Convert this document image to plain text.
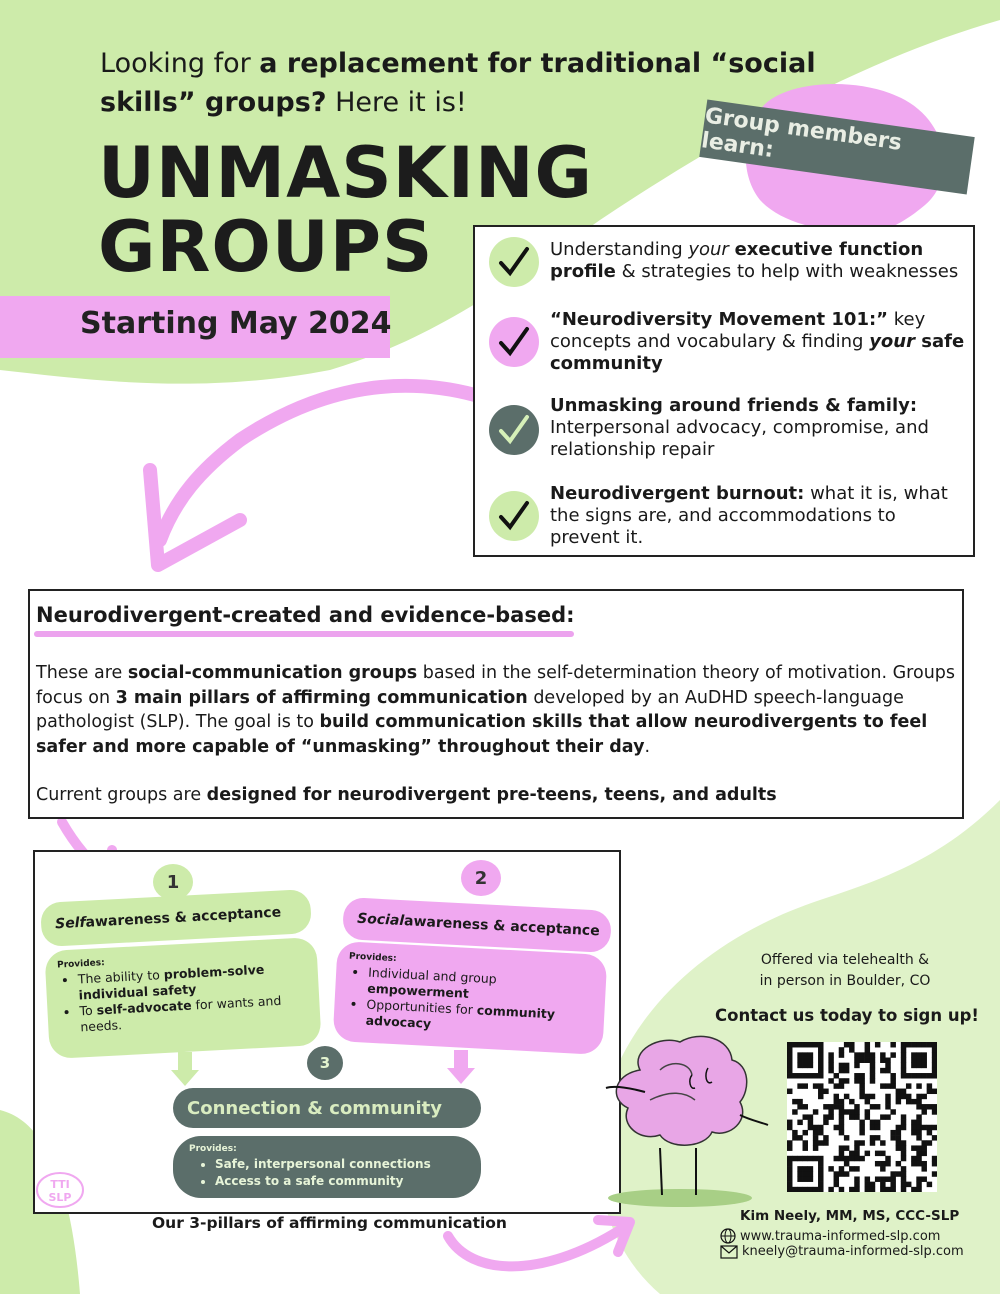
Looking for a replacement for traditional “social skills” groups? Here it is!
UNMASKING
GROUPS
Starting May 2024
Group members learn:
Understanding your executive function profile & strategies to help with weaknesses
“Neurodiversity Movement 101:” key concepts and vocabulary & finding your safe community
Unmasking around friends & family: Interpersonal advocacy, compromise, and relationship repair
Neurodivergent burnout: what it is, what the signs are, and accommodations to prevent it.
Neurodivergent-created and evidence-based:
These are social-communication groups based in the self-determination theory of motivation. Groups focus on 3 main pillars of affirming communication developed by an AuDHD speech-language pathologist (SLP). The goal is to build communication skills that allow neurodivergents to feel safer and more capable of “unmasking” throughout their day.
Current groups are designed for neurodivergent pre-teens, teens, and adults
1	2
Self awareness & acceptance
Provides:
• The ability to problem-solve individual safety
• To self-advocate for wants and needs.
Social awareness & acceptance
Provides:
• Individual and group empowerment
• Opportunities for community advocacy
3
Connection & community
Provides:
• Safe, interpersonal connections
• Access to a safe community
TTI
SLP
Our 3-pillars of affirming communication
Offered via telehealth &
in person in Boulder, CO
Contact us today to sign up!
Kim Neely, MM, MS, CCC-SLP
www.trauma-informed-slp.com
kneely@trauma-informed-slp.com
